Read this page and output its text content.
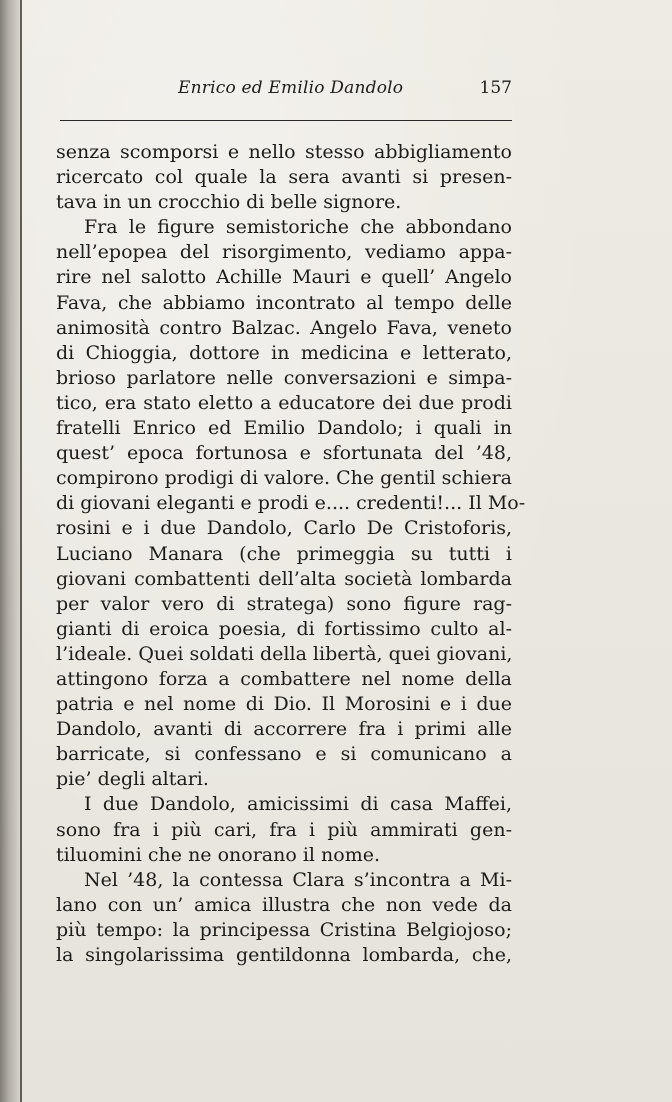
Enrico ed Emilio Dandolo	157
senza scomporsi e nello stesso abbigliamento
ricercato col quale la sera avanti si presen-
tava in un crocchio di belle signore.
Fra le figure semistoriche che abbondano
nell’epopea del risorgimento, vediamo appa-
rire nel salotto Achille Mauri e quell’ Angelo
Fava, che abbiamo incontrato al tempo delle
animosità contro Balzac. Angelo Fava, veneto
di Chioggia, dottore in medicina e letterato,
brioso parlatore nelle conversazioni e simpa-
tico, era stato eletto a educatore dei due prodi
fratelli Enrico ed Emilio Dandolo; i quali in
quest’ epoca fortunosa e sfortunata del ’48,
compirono prodigi di valore. Che gentil schiera
di giovani eleganti e prodi e.... credenti!... Il Mo-
rosini e i due Dandolo, Carlo De Cristoforis,
Luciano Manara (che primeggia su tutti i
giovani combattenti dell’alta società lombarda
per valor vero di stratega) sono figure rag-
gianti di eroica poesia, di fortissimo culto al-
l’ideale. Quei soldati della libertà, quei giovani,
attingono forza a combattere nel nome della
patria e nel nome di Dio. Il Morosini e i due
Dandolo, avanti di accorrere fra i primi alle
barricate, si confessano e si comunicano a
pie’ degli altari.
I due Dandolo, amicissimi di casa Maffei,
sono fra i più cari, fra i più ammirati gen-
tiluomini che ne onorano il nome.
Nel ’48, la contessa Clara s’incontra a Mi-
lano con un’ amica illustra che non vede da
più tempo: la principessa Cristina Belgiojoso;
la singolarissima gentildonna lombarda, che,
